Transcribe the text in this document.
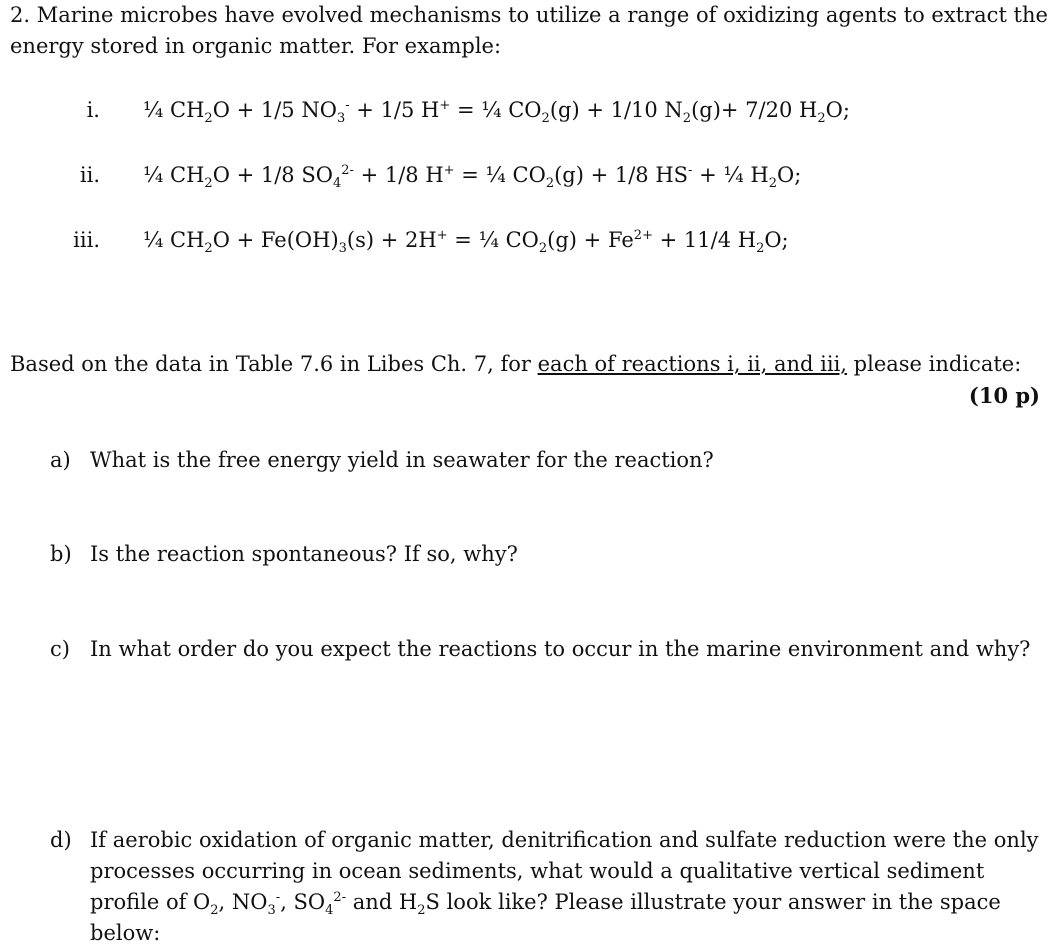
2. Marine microbes have evolved mechanisms to utilize a range of oxidizing agents to extract the energy stored in organic matter. For example:
i. ¼ $CH_2O + 1/5$ $NO_3^- + 1/5$ H+ = ¼ $CO_2(g) + 1/10$ $N_2(g)+ 7/20$ $H_2O$;
ii. ¼ $CH_2O + 1/8$ $SO_4^{2-} + 1/8$ H+ = ¼ $CO_2(g) + 1/8$ HS- + ¼ $H_2O$;
iii. ¼ $CH_2O + Fe(OH)_3(s) + 2H^+$ = ¼ $CO_2(g) + Fe^{2+} + 11/4$ $H_2O$;
Based on the data in Table 7.6 in Libes Ch. 7, for each of reactions i, ii, and iii, please indicate:
(10 p)
a) What is the free energy yield in seawater for the reaction?
b) Is the reaction spontaneous? If so, why?
c) In what order do you expect the reactions to occur in the marine environment and why?
d) If aerobic oxidation of organic matter, denitrification and sulfate reduction were the only processes occurring in ocean sediments, what would a qualitative vertical sediment profile of $O_2$, $NO_3^-$, $SO_4^{2-}$ and $H_2S$ look like? Please illustrate your answer in the space below:
